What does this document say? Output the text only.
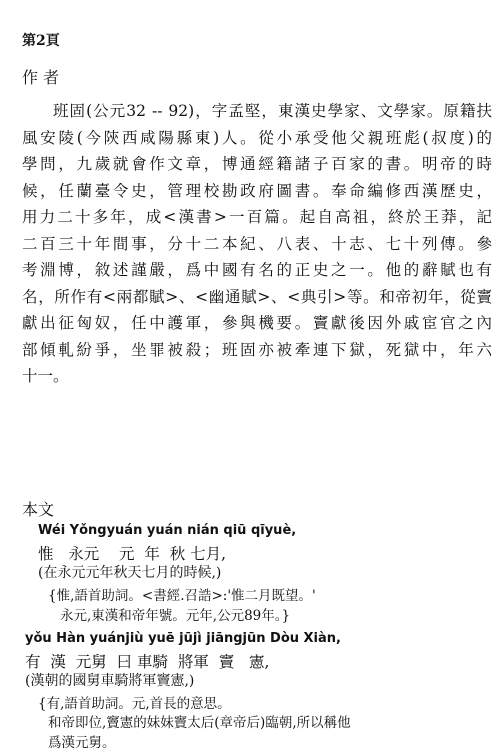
第2頁
作 者
班固(公元32 -- 92)，字孟堅，東漢史學家、文學家。原籍扶
風安陵(今陝西咸陽縣東)人。從小承受他父親班彪(叔度)的
學問，九歲就會作文章，博通經籍諸子百家的書。明帝的時
候，任蘭臺令史，管理校勘政府圖書。奉命編修西漢歷史，
用力二十多年，成<漢書>一百篇。起自高祖，終於王莽，記
二百三十年間事，分十二本紀、八表、十志、七十列傳。參
考淵博，敘述謹嚴，爲中國有名的正史之一。他的辭賦也有
名，所作有<兩都賦>、<幽通賦>、<典引>等。和帝初年，從竇
獻出征匈奴，任中護軍，參與機要。竇獻後因外戚宦官之內
部傾軋紛爭，坐罪被殺；班固亦被牽連下獄，死獄中，年六
十一。
本文
Wéi Yǒngyuán yuán nián qiū qīyuè,
惟   永元    元  年  秋 七月,
(在永元元年秋天七月的時候,)
{惟,語首助詞。<書經.召誥>:'惟二月既望。'
永元,東漢和帝年號。元年,公元89年。}
yǒu Hàn yuánjiù yuē jūjì jiāngjūn Dòu Xiàn,
有  漢  元舅  曰 車騎  將軍  竇   憲,
(漢朝的國舅車騎將軍竇憲,)
{有,語首助詞。元,首長的意思。
和帝即位,竇憲的妹妹竇太后(章帝后)臨朝,所以稱他
爲漢元舅。
